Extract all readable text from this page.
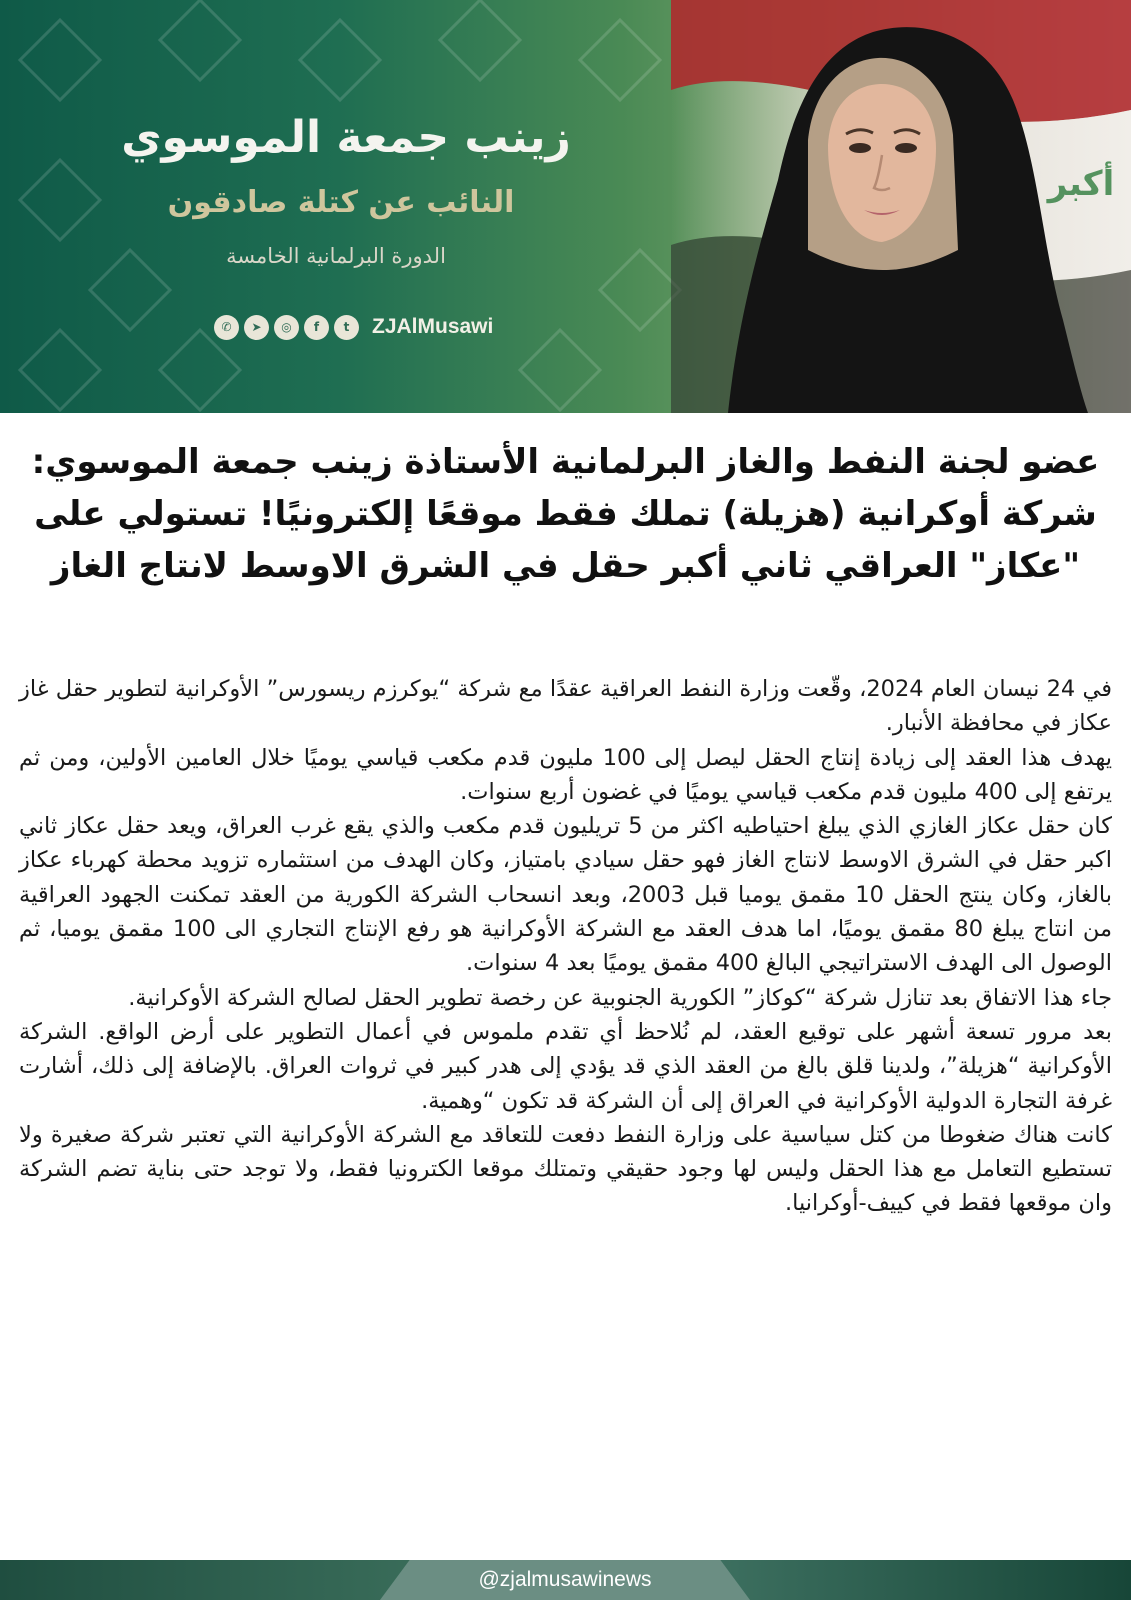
أكبر
زينب جمعة الموسوي
النائب عن كتلة صادقون
الدورة البرلمانية الخامسة
✆	➤	◎	f	t	ZJAlMusawi
عضو لجنة النفط والغاز البرلمانية الأستاذة زينب جمعة الموسوي: شركة أوكرانية (هزيلة) تملك فقط موقعًا إلكترونيًا! تستولي على "عكاز" العراقي ثاني أكبر حقل في الشرق الاوسط لانتاج الغاز

في 24 نيسان العام 2024، وقّعت وزارة النفط العراقية عقدًا مع شركة “يوكرزم ريسورس” الأوكرانية لتطوير حقل غاز عكاز في محافظة الأنبار.

يهدف هذا العقد إلى زيادة إنتاج الحقل ليصل إلى 100 مليون قدم مكعب قياسي يوميًا خلال العامين الأولين، ومن ثم يرتفع إلى 400 مليون قدم مكعب قياسي يوميًا في غضون أربع سنوات.

كان حقل عكاز الغازي الذي يبلغ احتياطيه اكثر من 5 تريليون قدم مكعب والذي يقع غرب العراق، ويعد حقل عكاز ثاني اكبر حقل في الشرق الاوسط لانتاج الغاز فهو حقل سيادي بامتياز، وكان الهدف من استثماره تزويد محطة كهرباء عكاز بالغاز، وكان ينتج الحقل 10 مقمق يوميا قبل 2003، وبعد انسحاب الشركة الكورية من العقد تمكنت الجهود العراقية من انتاج يبلغ 80 مقمق يوميًا، اما هدف العقد مع الشركة الأوكرانية هو رفع الإنتاج التجاري الى 100 مقمق يوميا، ثم الوصول الى الهدف الاستراتيجي البالغ 400 مقمق يوميًا بعد 4 سنوات.

جاء هذا الاتفاق بعد تنازل شركة “كوكاز” الكورية الجنوبية عن رخصة تطوير الحقل لصالح الشركة الأوكرانية.

بعد مرور تسعة أشهر على توقيع العقد، لم نُلاحظ أي تقدم ملموس في أعمال التطوير على أرض الواقع. الشركة الأوكرانية “هزيلة”، ولدينا قلق بالغ من العقد الذي قد يؤدي إلى هدر كبير في ثروات العراق. بالإضافة إلى ذلك، أشارت غرفة التجارة الدولية الأوكرانية في العراق إلى أن الشركة قد تكون “وهمية.

كانت هناك ضغوطا من كتل سياسية على وزارة النفط دفعت للتعاقد مع الشركة الأوكرانية التي تعتبر شركة صغيرة ولا تستطيع التعامل مع هذا الحقل وليس لها وجود حقيقي وتمتلك موقعا الكترونيا فقط، ولا توجد حتى بناية تضم الشركة وان موقعها فقط في كييف-أوكرانيا.

@zjalmusawinews
